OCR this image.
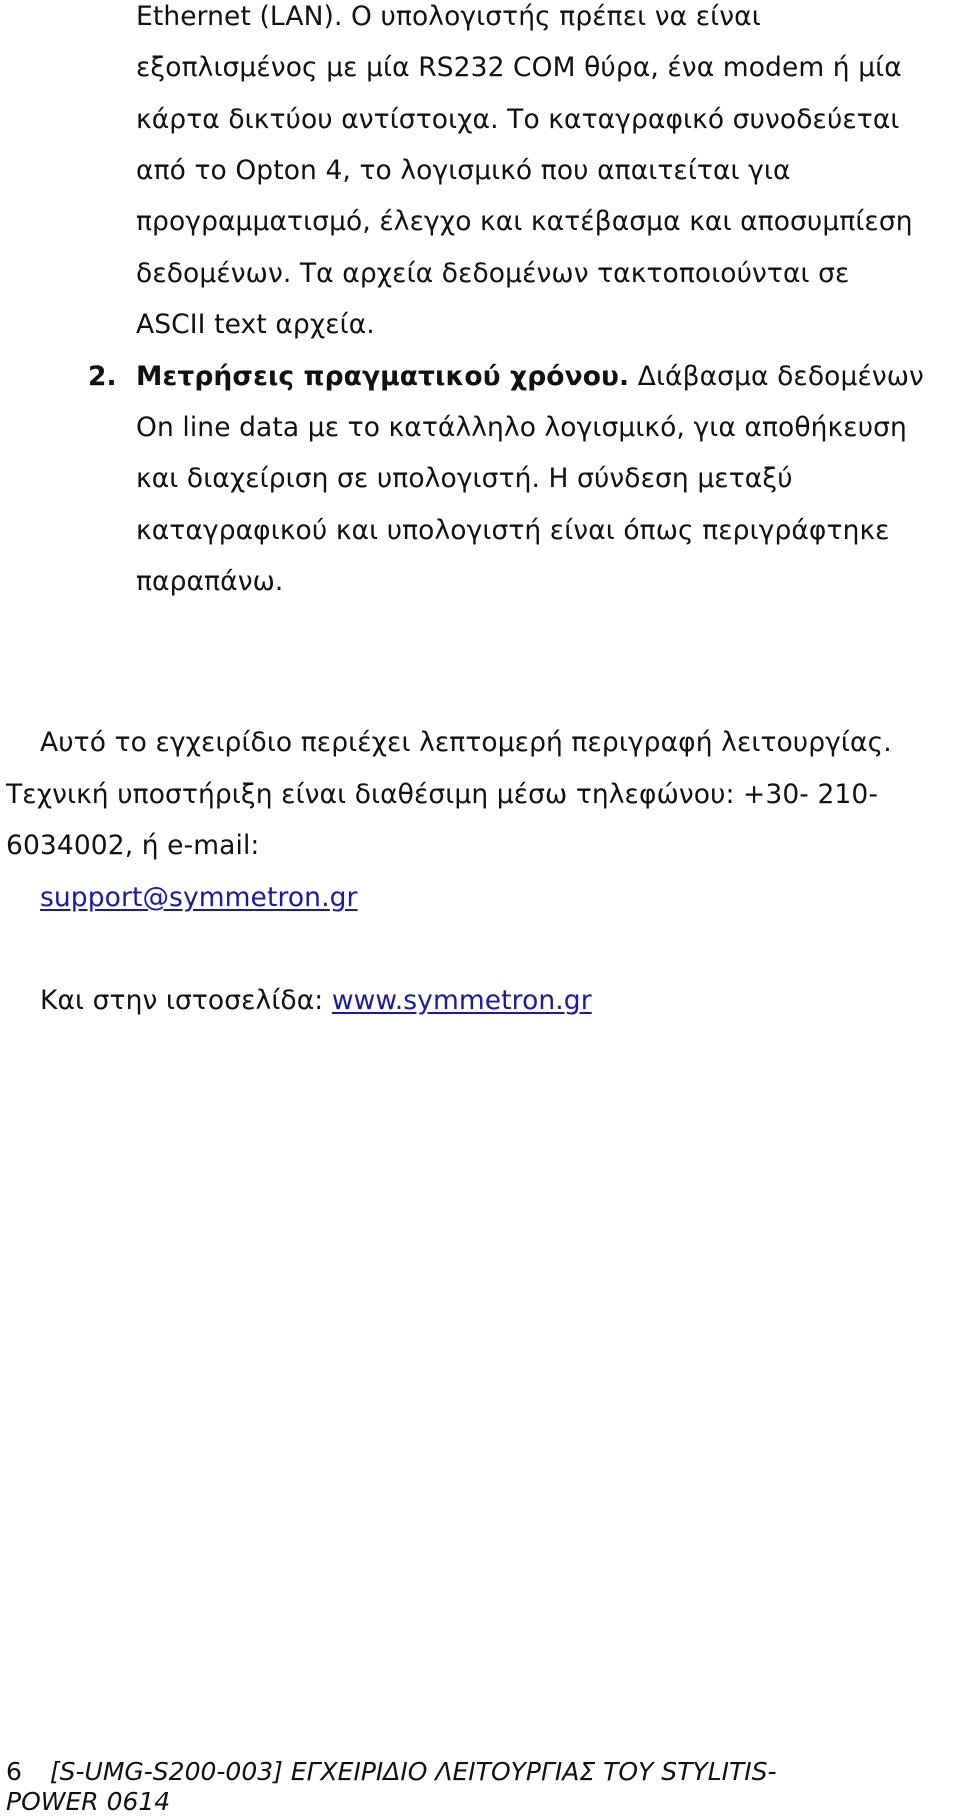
Ethernet (LAN). Ο υπολογιστής πρέπει να είναι
εξοπλισμένος με μία RS232 COM θύρα, ένα modem ή μία
κάρτα δικτύου αντίστοιχα. Το καταγραφικό συνοδεύεται
από το Opton 4, το λογισμικό που απαιτείται για
προγραμματισμό, έλεγχο και κατέβασμα και αποσυμπίεση
δεδομένων. Τα αρχεία δεδομένων τακτοποιούνται σε
ASCII text αρχεία.
2. Μετρήσεις πραγματικού χρόνου. Διάβασμα δεδομένων
On line data με το κατάλληλο λογισμικό, για αποθήκευση
και διαχείριση σε υπολογιστή. Η σύνδεση μεταξύ
καταγραφικού και υπολογιστή είναι όπως περιγράφτηκε
παραπάνω.
Αυτό το εγχειρίδιο περιέχει λεπτομερή περιγραφή λειτουργίας.
Τεχνική υποστήριξη είναι διαθέσιμη μέσω τηλεφώνου: +30- 210-
6034002, ή e-mail:
support@symmetron.gr
Και στην ιστοσελίδα: www.symmetron.gr
6 [S-UMG-S200-003] ΕΓΧΕΙΡΙΔΙΟ ΛΕΙΤΟΥΡΓΙΑΣ ΤΟΥ STYLITIS-
POWER 0614
